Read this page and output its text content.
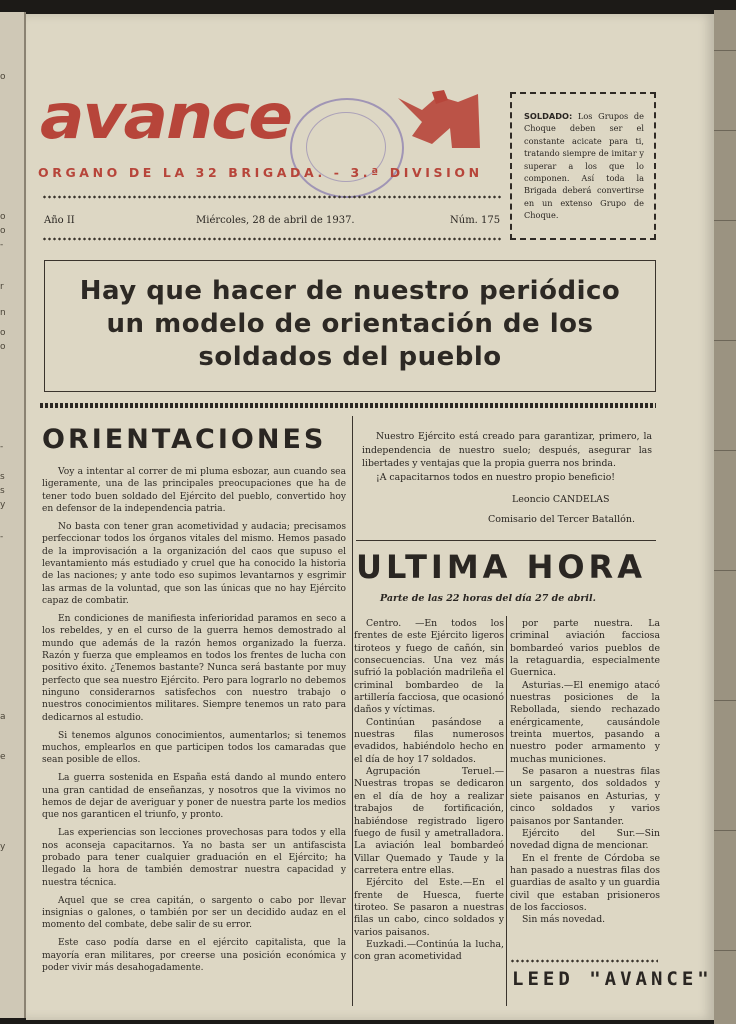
o
o
o
-
r
n
o
o
-
s
s
y
-
a
e
y
avance
ORGANO DE LA 32 BRIGADA. - 3.ª DIVISION
Año II	Miércoles, 28 de abril de 1937.	Núm. 175
SOLDADO: Los Grupos de Choque deben ser el constante acicate para ti, tratando siempre de imitar y superar a los que lo componen. Así toda la Brigada deberá convertirse en un extenso Grupo de Choque.
Hay que hacer de nuestro periódico
un modelo de orientación de los
soldados del pueblo
ORIENTACIONES

Voy a intentar al correr de mi pluma esbozar, aun cuando sea ligeramente, una de las principales preocupaciones que ha de tener todo buen soldado del Ejército del pueblo, convertido hoy en defensor de la independencia patria.

No basta con tener gran acometividad y audacia; precisamos perfeccionar todos los órganos vitales del mismo. Hemos pasado de la improvisación a la organización del caos que supuso el levantamiento más estudiado y cruel que ha conocido la historia de las naciones; y ante todo eso supimos levantarnos y esgrimir las armas de la voluntad, que son las únicas que no hay Ejército capaz de combatir.

En condiciones de manifiesta inferioridad paramos en seco a los rebeldes, y en el curso de la guerra hemos demostrado al mundo que además de la razón hemos organizado la fuerza. Razón y fuerza que empleamos en todos los frentes de lucha con positivo éxito. ¿Tenemos bastante? Nunca será bastante por muy perfecto que sea nuestro Ejército. Pero para lograrlo no debemos ninguno considerarnos satisfechos con nuestro trabajo o nuestros conocimientos militares. Siempre tenemos un rato para dedicarnos al estudio.

Si tenemos algunos conocimientos, aumentarlos; si tenemos muchos, emplearlos en que participen todos los camaradas que sean posible de ellos.

La guerra sostenida en España está dando al mundo entero una gran cantidad de enseñanzas, y nosotros que la vivimos no hemos de dejar de averiguar y poner de nuestra parte los medios que nos garanticen el triunfo, y pronto.

Las experiencias son lecciones provechosas para todos y ella nos aconseja capacitarnos. Ya no basta ser un antifascista probado para tener cualquier graduación en el Ejército; ha llegado la hora de también demostrar nuestra capacidad y nuestra técnica.

Aquel que se crea capitán, o sargento o cabo por llevar insignias o galones, o también por ser un decidido audaz en el momento del combate, debe salir de su error.

Este caso podía darse en el ejército capitalista, que la mayoría eran militares, por creerse una posición económica y poder vivir más desahogadamente.

Nuestro Ejército está creado para garantizar, primero, la independencia de nuestro suelo; después, asegurar las libertades y ventajas que la propia guerra nos brinda.

¡A capacitarnos todos en nuestro propio beneficio!

Leoncio CANDELAS
Comisario del Tercer Batallón.
ULTIMA HORA
Parte de las 22 horas del día 27 de abril.

Centro. —En todos los frentes de este Ejército ligeros tiroteos y fuego de cañón, sin consecuencias. Una vez más sufrió la población madrileña el criminal bombardeo de la artillería facciosa, que ocasionó daños y víctimas.

Continúan pasándose a nuestras filas numerosos evadidos, habiéndolo hecho en el día de hoy 17 soldados.

Agrupación Teruel.—Nuestras tropas se dedicaron en el día de hoy a realizar trabajos de fortificación, habiéndose registrado ligero fuego de fusil y ametralladora. La aviación leal bombardeó Villar Quemado y Taude y la carretera entre ellas.

Ejército del Este.—En el frente de Huesca, fuerte tiroteo. Se pasaron a nuestras filas un cabo, cinco soldados y varios paisanos.

Euzkadi.—Continúa la lucha, con gran acometividad

por parte nuestra. La criminal aviación facciosa bombardeó varios pueblos de la retaguardia, especialmente Guernica.

Asturias.—El enemigo atacó nuestras posiciones de la Rebollada, siendo rechazado enérgicamente, causándole treinta muertos, pasando a nuestro poder armamento y muchas municiones.

Se pasaron a nuestras filas un sargento, dos soldados y siete paisanos en Asturias, y cinco soldados y varios paisanos por Santander.

Ejército del Sur.—Sin novedad digna de mencionar.

En el frente de Córdoba se han pasado a nuestras filas dos guardias de asalto y un guardia civil que estaban prisioneros de los facciosos.

Sin más novedad.

LEED "AVANCE"
